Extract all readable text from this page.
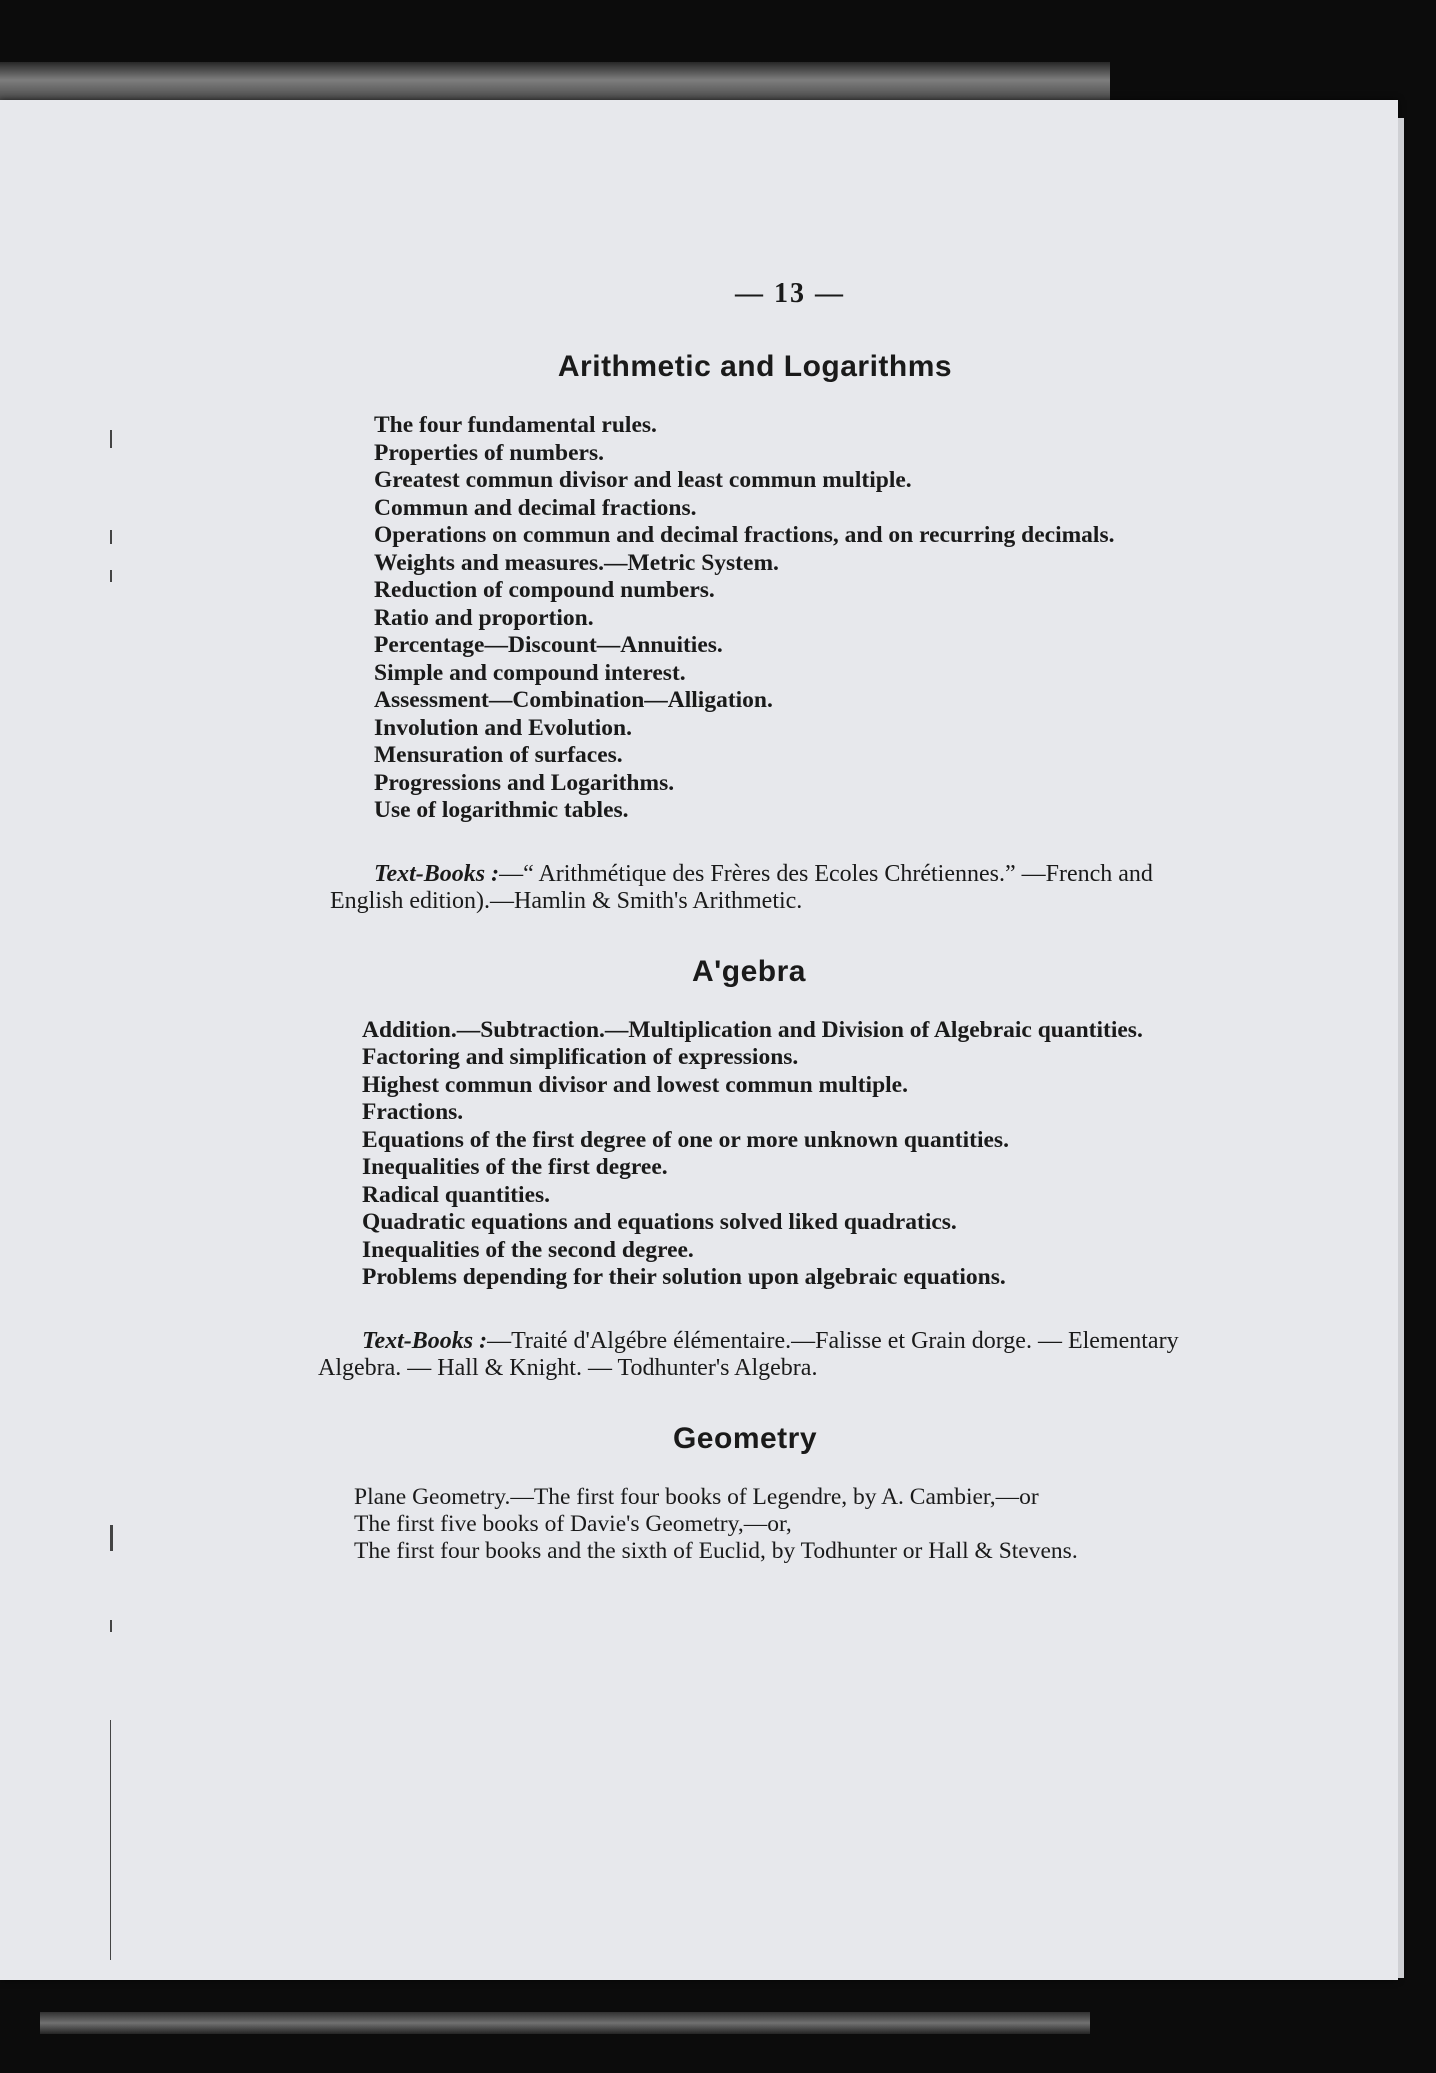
— 13 —
Arithmetic and Logarithms
The four fundamental rules.
Properties of numbers.
Greatest commun divisor and least commun multiple.
Commun and decimal fractions.
Operations on commun and decimal fractions, and on recurring decimals.
Weights and measures.—Metric System.
Reduction of compound numbers.
Ratio and proportion.
Percentage—Discount—Annuities.
Simple and compound interest.
Assessment—Combination—Alligation.
Involution and Evolution.
Mensuration of surfaces.
Progressions and Logarithms.
Use of logarithmic tables.

Text-Books :—“ Arithmétique des Frères des Ecoles Chrétiennes.” —French and English edition).—Hamlin & Smith's Arithmetic.

A'gebra
Addition.—Subtraction.—Multiplication and Division of Algebraic quantities.
Factoring and simplification of expressions.
Highest commun divisor and lowest commun multiple.
Fractions.
Equations of the first degree of one or more unknown quantities.
Inequalities of the first degree.
Radical quantities.
Quadratic equations and equations solved liked quadratics.
Inequalities of the second degree.
Problems depending for their solution upon algebraic equations.

Text-Books :—Traité d'Algébre élémentaire.—Falisse et Grain dorge. — Elementary Algebra. — Hall & Knight. — Todhunter's Algebra.

Geometry
Plane Geometry.—The first four books of Legendre, by A. Cambier,—or
The first five books of Davie's Geometry,—or,
The first four books and the sixth of Euclid, by Todhunter or Hall & Stevens.
